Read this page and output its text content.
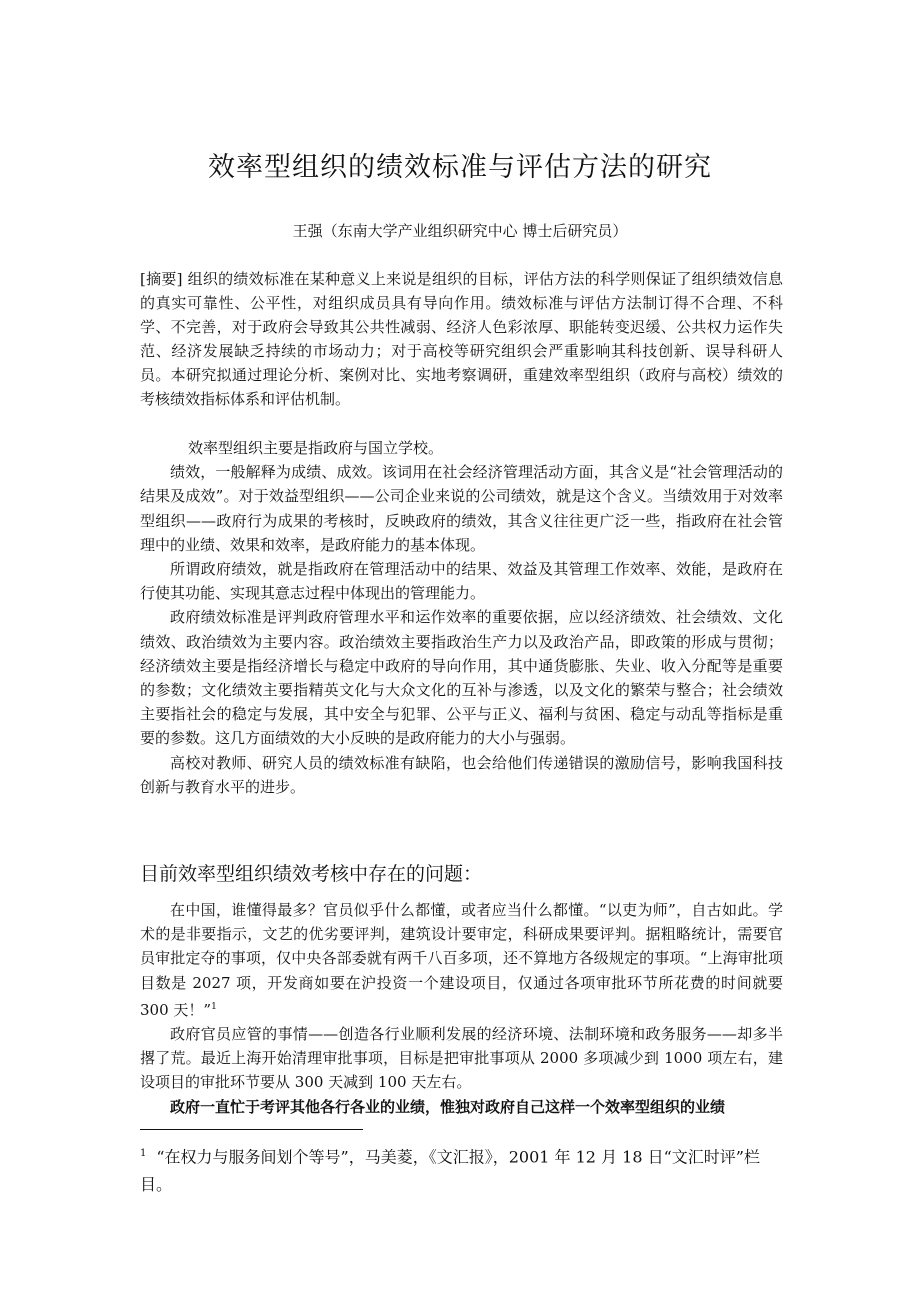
效率型组织的绩效标准与评估方法的研究
王强（东南大学产业组织研究中心 博士后研究员）

[摘要] 组织的绩效标准在某种意义上来说是组织的目标，评估方法的科学则保证了组织绩效信息的真实可靠性、公平性，对组织成员具有导向作用。绩效标准与评估方法制订得不合理、不科学、不完善，对于政府会导致其公共性减弱、经济人色彩浓厚、职能转变迟缓、公共权力运作失范、经济发展缺乏持续的市场动力；对于高校等研究组织会严重影响其科技创新、误导科研人员。本研究拟通过理论分析、案例对比、实地考察调研，重建效率型组织（政府与高校）绩效的考核绩效指标体系和评估机制。

效率型组织主要是指政府与国立学校。

绩效，一般解释为成绩、成效。该词用在社会经济管理活动方面，其含义是“社会管理活动的结果及成效”。对于效益型组织——公司企业来说的公司绩效，就是这个含义。当绩效用于对效率型组织——政府行为成果的考核时，反映政府的绩效，其含义往往更广泛一些，指政府在社会管理中的业绩、效果和效率，是政府能力的基本体现。

所谓政府绩效，就是指政府在管理活动中的结果、效益及其管理工作效率、效能，是政府在行使其功能、实现其意志过程中体现出的管理能力。

政府绩效标准是评判政府管理水平和运作效率的重要依据，应以经济绩效、社会绩效、文化绩效、政治绩效为主要内容。政治绩效主要指政治生产力以及政治产品，即政策的形成与贯彻；经济绩效主要是指经济增长与稳定中政府的导向作用，其中通货膨胀、失业、收入分配等是重要的参数；文化绩效主要指精英文化与大众文化的互补与渗透，以及文化的繁荣与整合；社会绩效主要指社会的稳定与发展，其中安全与犯罪、公平与正义、福利与贫困、稳定与动乱等指标是重要的参数。这几方面绩效的大小反映的是政府能力的大小与强弱。

高校对教师、研究人员的绩效标准有缺陷，也会给他们传递错误的激励信号，影响我国科技创新与教育水平的进步。

目前效率型组织绩效考核中存在的问题：

在中国，谁懂得最多？官员似乎什么都懂，或者应当什么都懂。“以吏为师”，自古如此。学术的是非要指示，文艺的优劣要评判，建筑设计要审定，科研成果要评判。据粗略统计，需要官员审批定夺的事项，仅中央各部委就有两千八百多项，还不算地方各级规定的事项。“上海审批项目数是 2027 项，开发商如要在沪投资一个建设项目，仅通过各项审批环节所花费的时间就要 300 天！”$^1$

政府官员应管的事情——创造各行业顺利发展的经济环境、法制环境和政务服务——却多半撂了荒。最近上海开始清理审批事项，目标是把审批事项从 2000 多项减少到 1000 项左右，建设项目的审批环节要从 300 天减到 100 天左右。

政府一直忙于考评其他各行各业的业绩，惟独对政府自己这样一个效率型组织的业绩

$^1$ “在权力与服务间划个等号”，马美菱，《文汇报》，2001 年 12 月 18 日“文汇时评”栏目。
